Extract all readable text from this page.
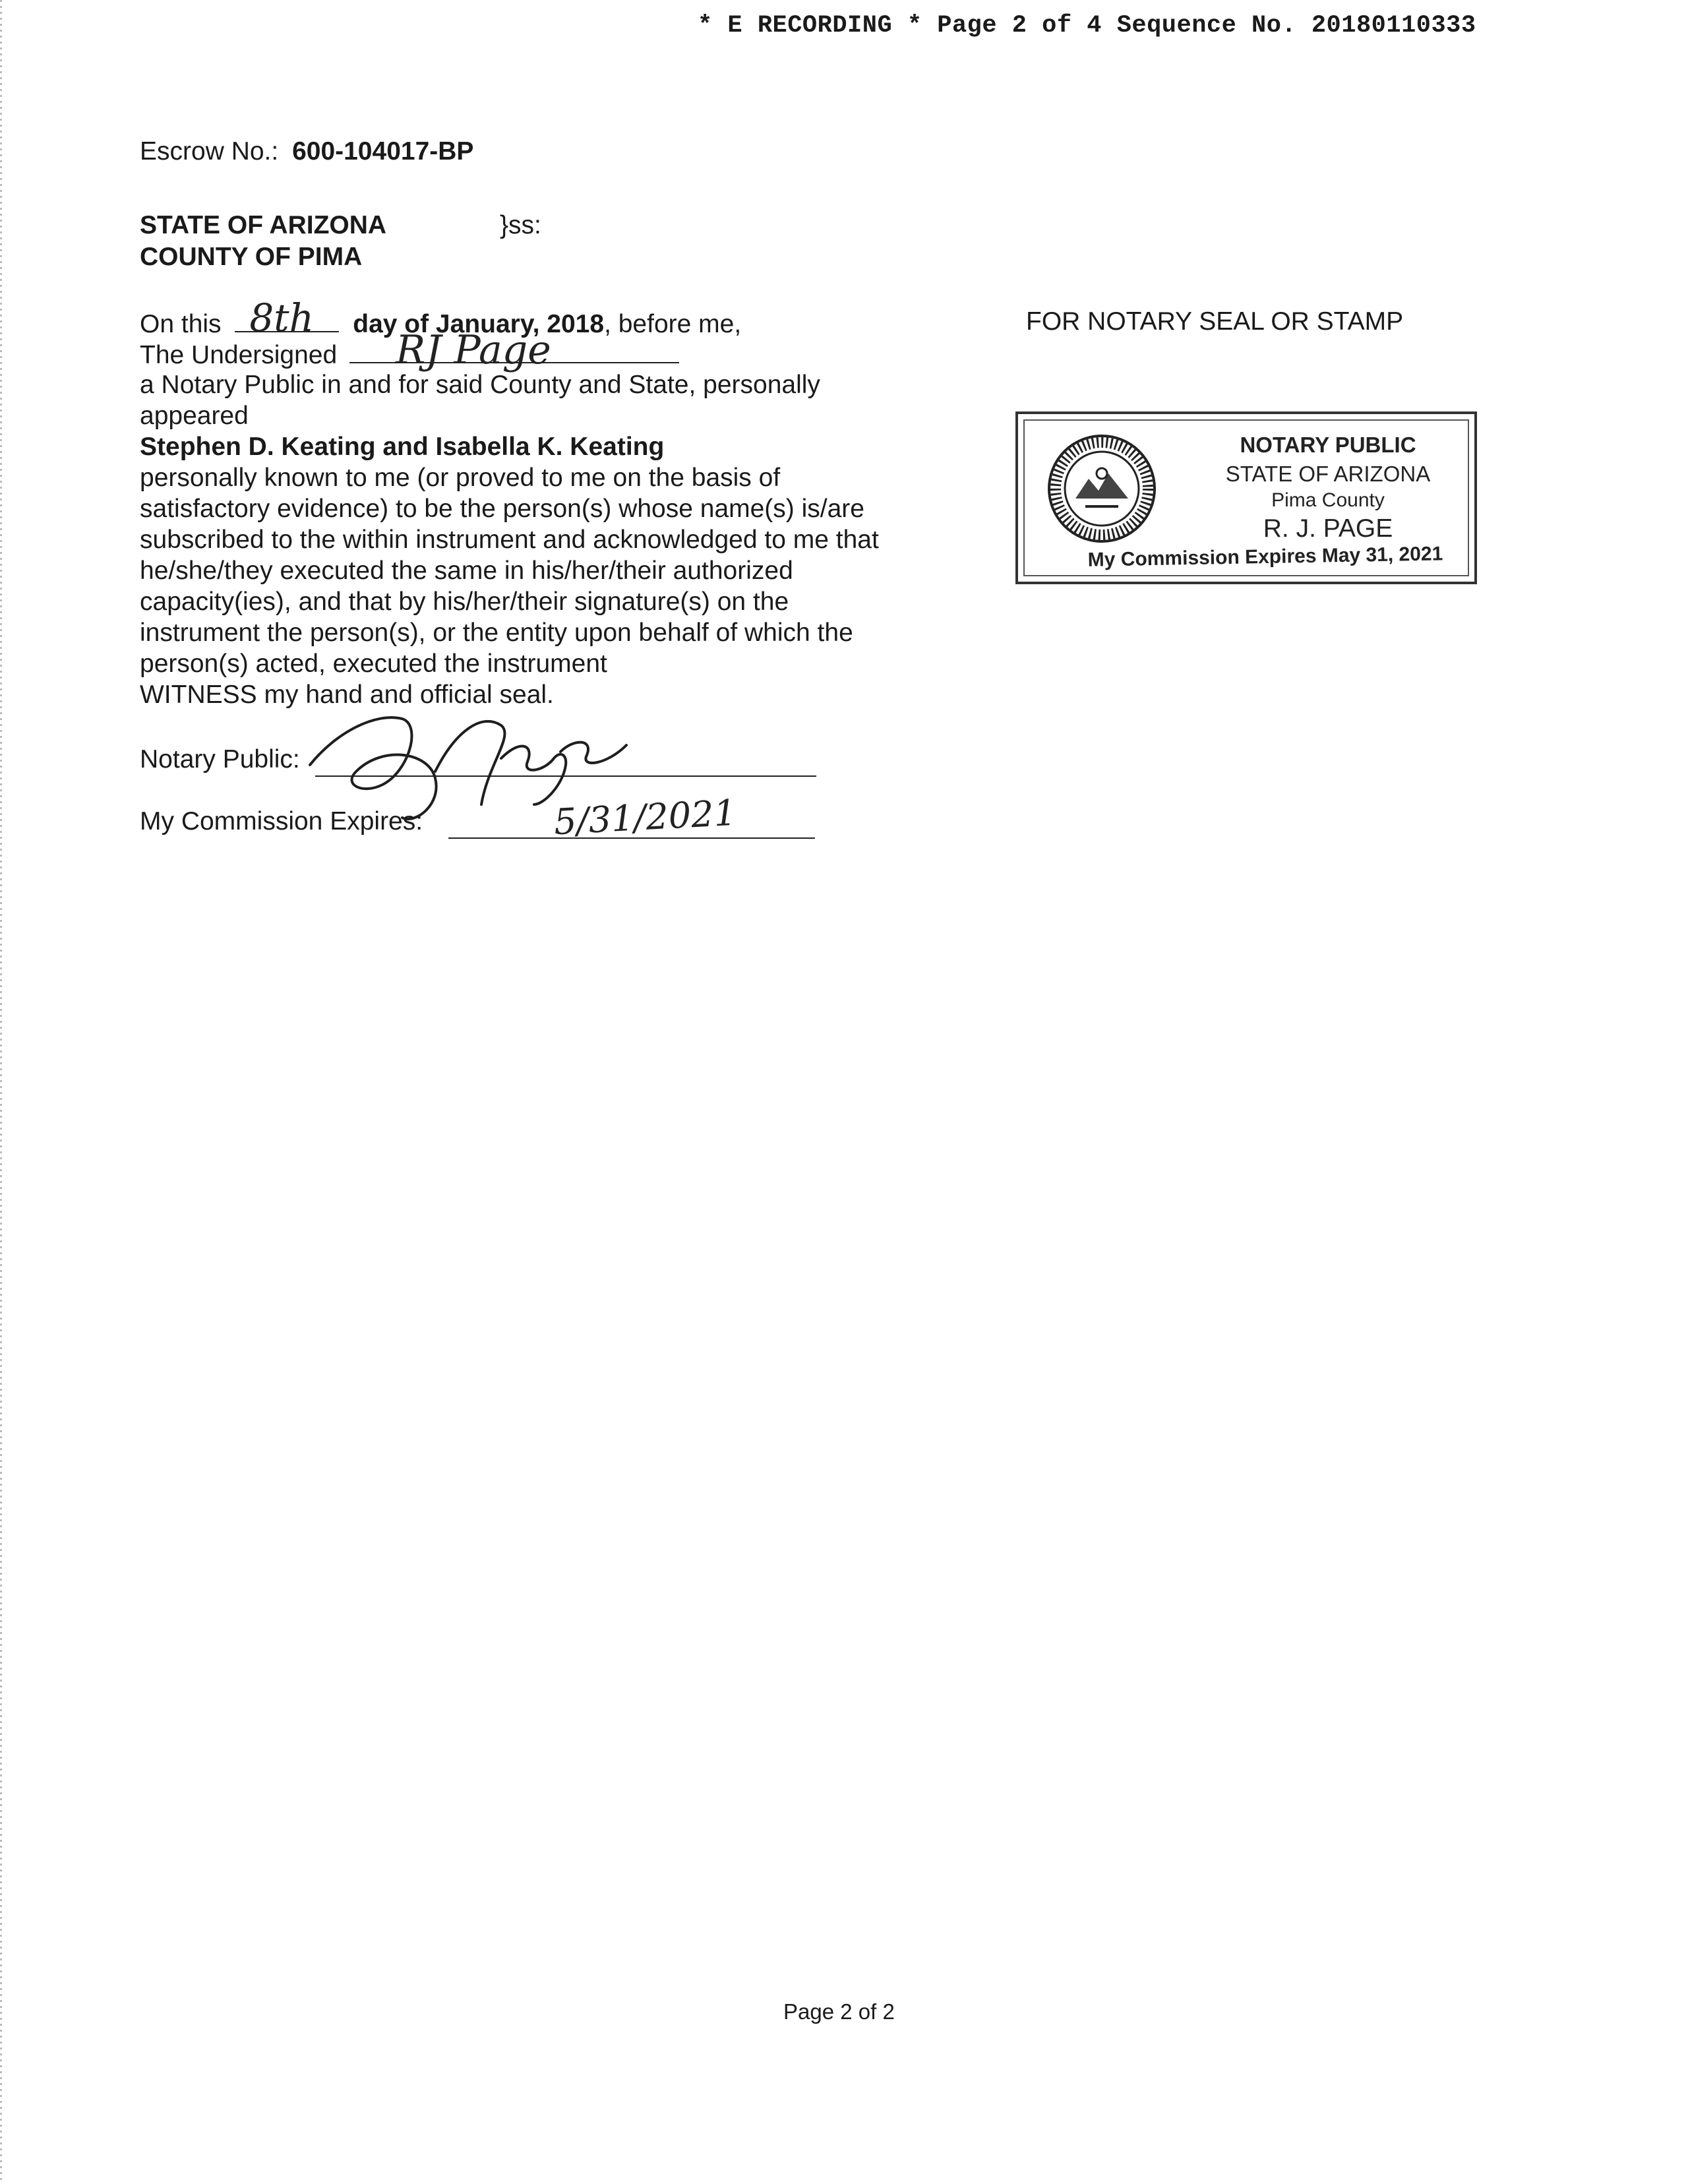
* E RECORDING * Page 2 of 4 Sequence No. 20180110333
Escrow No.: 600-104017-BP
STATE OF ARIZONA	}ss:
COUNTY OF PIMA
On this 8th day of January, 2018, before me,
The Undersigned RJ Page
a Notary Public in and for said County and State, personally
appeared
Stephen D. Keating and Isabella K. Keating
personally known to me (or proved to me on the basis of
satisfactory evidence) to be the person(s) whose name(s) is/are
subscribed to the within instrument and acknowledged to me that
he/she/they executed the same in his/her/their authorized
capacity(ies), and that by his/her/their signature(s) on the
instrument the person(s), or the entity upon behalf of which the
person(s) acted, executed the instrument
WITNESS my hand and official seal.
Notary Public:
My Commission Expires:	5/31/2021
FOR NOTARY SEAL OR STAMP
NOTARY PUBLIC
STATE OF ARIZONA
Pima County
R. J. PAGE
My Commission Expires May 31, 2021
Page 2 of 2
